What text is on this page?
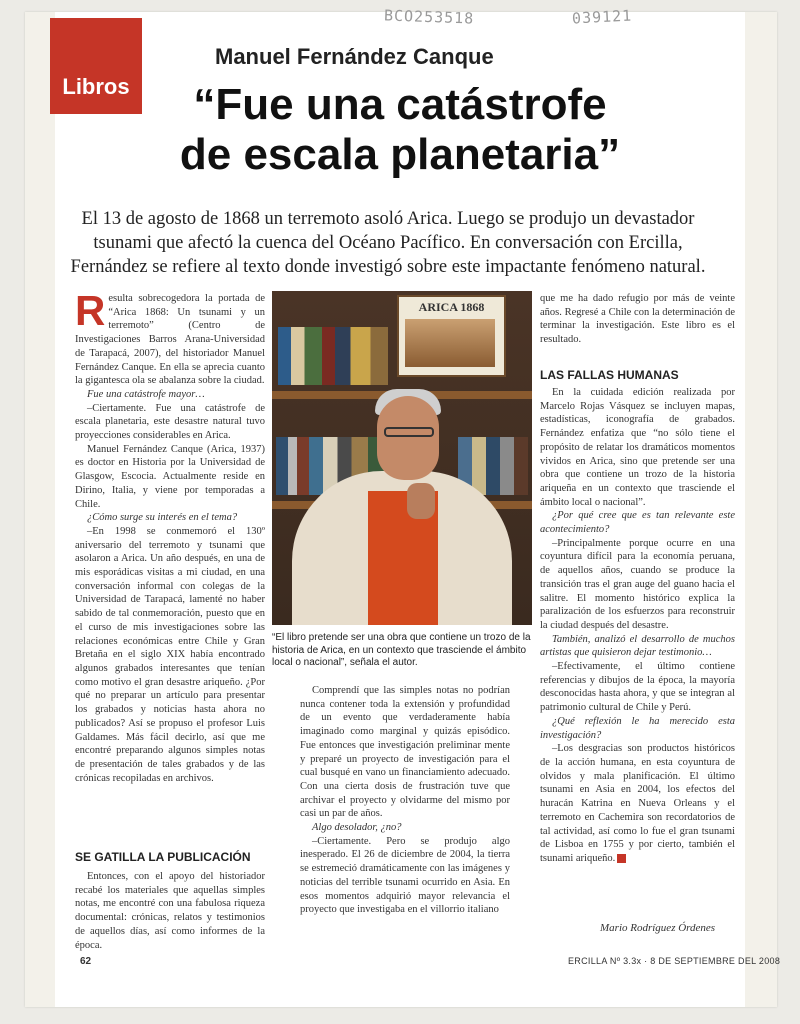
BCO253518	039121
Libros
Manuel Fernández Canque
“Fue una catástrofe
de escala planetaria”
El 13 de agosto de 1868 un terremoto asoló Arica. Luego se produjo un devastador tsunami que afectó la cuenca del Océano Pacífico. En conversación con Ercilla, Fernández se refiere al texto donde investigó sobre este impactante fenómeno natural.

Resulta sobrecogedora la portada de “Arica 1868: Un tsunami y un terremoto” (Centro de Investigaciones Barros Arana-Universidad de Tarapacá, 2007), del historiador Manuel Fernández Canque. En ella se aprecia cuanto la gigantesca ola se abalanza sobre la ciudad.

Fue una catástrofe mayor…

–Ciertamente. Fue una catástrofe de escala planetaria, este desastre natural tuvo proyecciones considerables en Arica.

Manuel Fernández Canque (Arica, 1937) es doctor en Historia por la Universidad de Glasgow, Escocia. Actualmente reside en Dirino, Italia, y viene por temporadas a Chile.

¿Cómo surge su interés en el tema?

–En 1998 se conmemoró el 130º aniversario del terremoto y tsunami que asolaron a Arica. Un año después, en una de mis esporádicas visitas a mi ciudad, en una conversación informal con colegas de la Universidad de Tarapacá, lamenté no haber sabido de tal conmemoración, puesto que en el curso de mis investigaciones sobre las relaciones económicas entre Chile y Gran Bretaña en el siglo XIX había encontrado algunos grabados interesantes que tenían como motivo el gran desastre ariqueño. ¿Por qué no preparar un artículo para presentar los grabados y noticias hasta ahora no publicados? Así se propuso el profesor Luis Galdames. Más fácil decirlo, así que me encontré preparando algunos simples notas de presentación de tales grabados y de las crónicas recopiladas en archivos.

SE GATILLA LA PUBLICACIÓN

Entonces, con el apoyo del historiador recabé los materiales que aquellas simples notas, me encontré con una fabulosa riqueza documental: crónicas, relatos y testimonios de aquellos días, así como informes de la época.

ARICA 1868
“El libro pretende ser una obra que contiene un trozo de la historia de Arica, en un contexto que trasciende el ámbito local o nacional”, señala el autor.

Comprendí que las simples notas no podrían nunca contener toda la extensión y profundidad de un evento que verdaderamente había imaginado como marginal y quizás episódico. Fue entonces que investigación preliminar mente y preparé un proyecto de investigación para el cual busqué en vano un financiamiento adecuado. Con una cierta dosis de frustración tuve que archivar el proyecto y olvidarme del mismo por casi un par de años.

Algo desolador, ¿no?

–Ciertamente. Pero se produjo algo inesperado. El 26 de diciembre de 2004, la tierra se estremeció dramáticamente con las imágenes y noticias del terrible tsunami ocurrido en Asia. En esos momentos adquirió mayor relevancia el proyecto que investigaba en el villorrio italiano

que me ha dado refugio por más de veinte años. Regresé a Chile con la determinación de terminar la investigación. Este libro es el resultado.

LAS FALLAS HUMANAS

En la cuidada edición realizada por Marcelo Rojas Vásquez se incluyen mapas, estadísticas, iconografía de grabados. Fernández enfatiza que “no sólo tiene el propósito de relatar los dramáticos momentos vividos en Arica, sino que pretende ser una obra que contiene un trozo de la historia ariqueña en un contexto que trasciende el ámbito local o nacional”.

¿Por qué cree que es tan relevante este acontecimiento?

–Principalmente porque ocurre en una coyuntura difícil para la economía peruana, de aquellos años, cuando se produce la transición tras el gran auge del guano hacia el salitre. El momento histórico explica la paralización de los esfuerzos para reconstruir la ciudad después del desastre.

También, analizó el desarrollo de muchos artistas que quisieron dejar testimonio…

–Efectivamente, el último contiene referencias y dibujos de la época, la mayoría desconocidas hasta ahora, y que se integran al patrimonio cultural de Chile y Perú.

¿Qué reflexión le ha merecido esta investigación?

–Los desgracias son productos históricos de la acción humana, en esta coyuntura de olvidos y mala planificación. El último tsunami en Asia en 2004, los efectos del huracán Katrina en Nueva Orleans y el terremoto en Cachemira son recordatorios de tal actividad, así como lo fue el gran tsunami de Lisboa en 1755 y por cierto, también el tsunami ariqueño.

Mario Rodríguez Órdenes
62	ERCILLA Nº 3.3x · 8 DE SEPTIEMBRE DEL 2008
